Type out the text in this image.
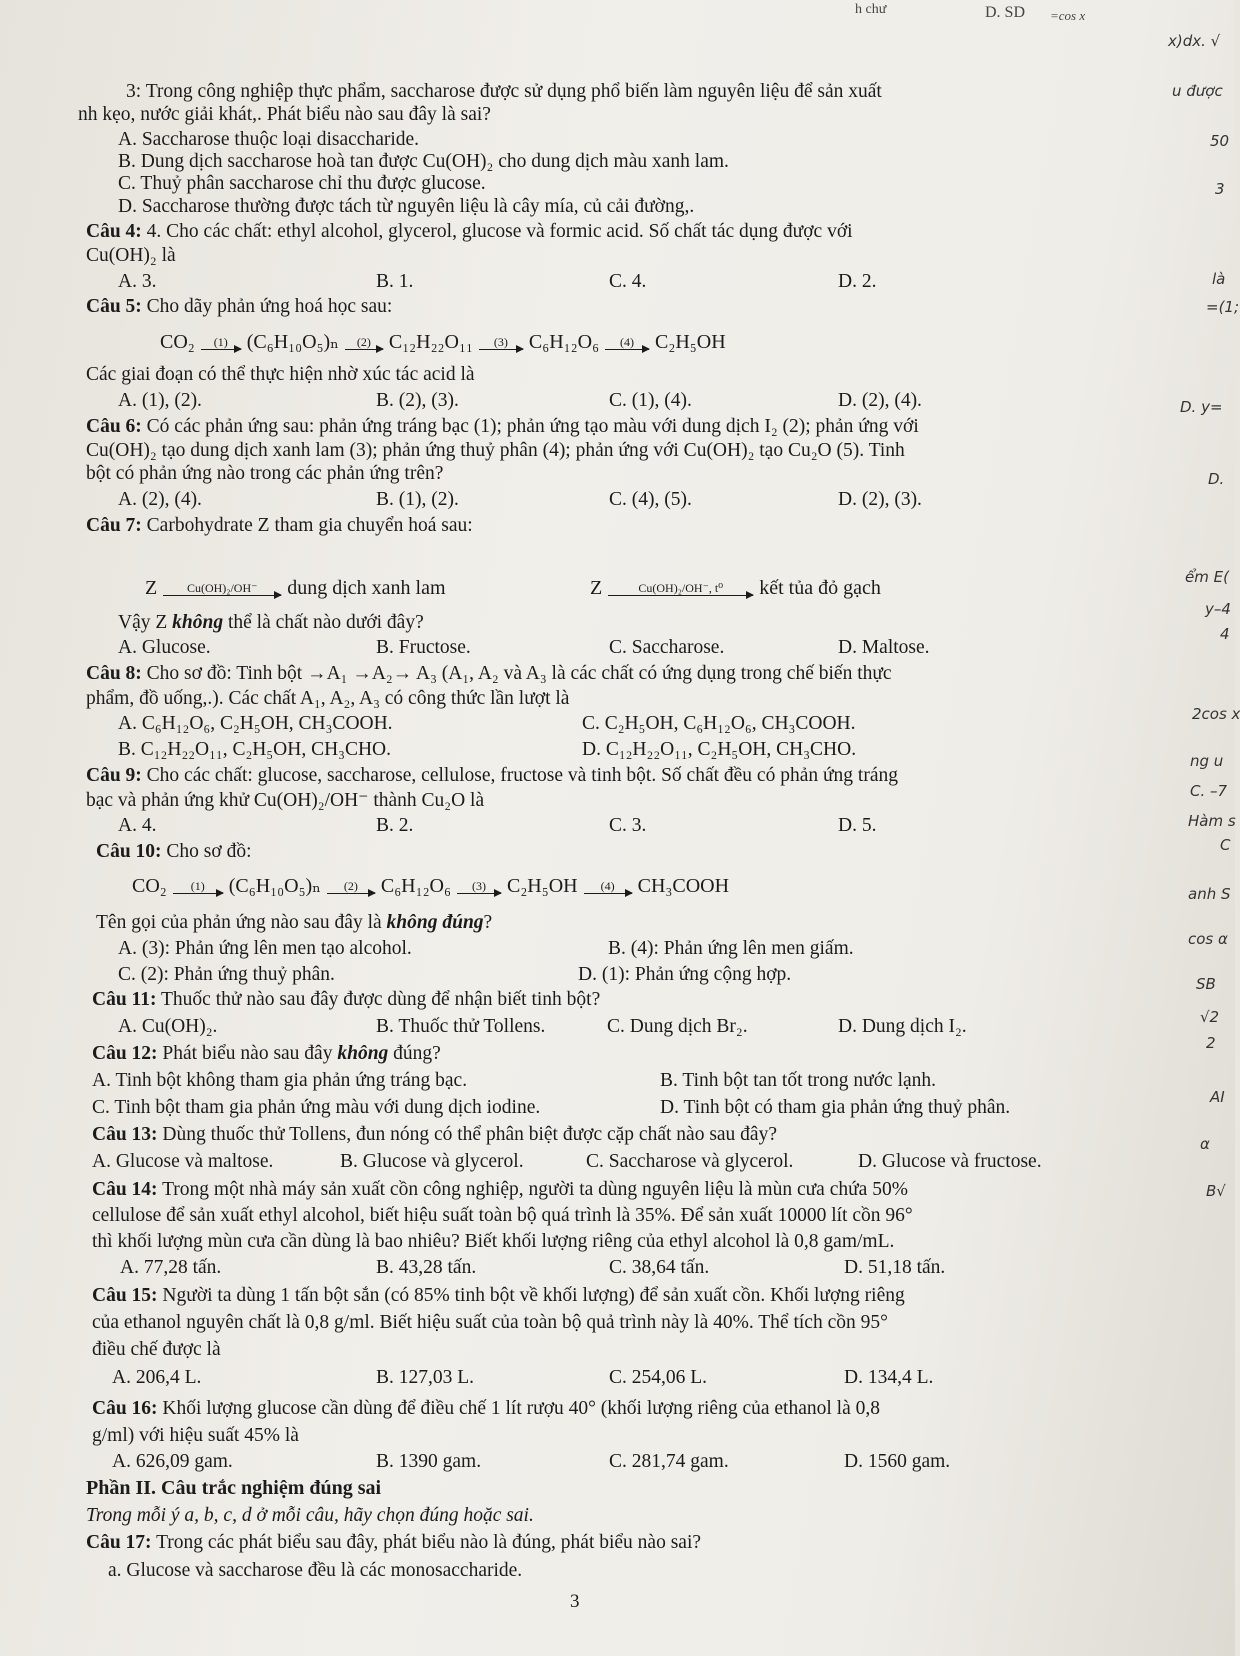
h chư	D. SD =cos x
x)dx. √
u được
50
3
là
=(1;
D. y=
D.
ểm E(
y–4
4
2cos x
ng u
C. –7
Hàm s
C
anh S
cos α
SB
√2
2
ΑΙ
α
B√
3: Trong công nghiệp thực phẩm, saccharose được sử dụng phổ biến làm nguyên liệu để sản xuất
nh kẹo, nước giải khát,. Phát biểu nào sau đây là sai?
A. Saccharose thuộc loại disaccharide.
B. Dung dịch saccharose hoà tan được Cu(OH)₂ cho dung dịch màu xanh lam.
C. Thuỷ phân saccharose chỉ thu được glucose.
D. Saccharose thường được tách từ nguyên liệu là cây mía, củ cải đường,.
Câu 4: 4. Cho các chất: ethyl alcohol, glycerol, glucose và formic acid. Số chất tác dụng được với
Cu(OH)₂ là
A. 3.	B. 1.	C. 4.	D. 2.
Câu 5: Cho dãy phản ứng hoá học sau:
CO₂ (1) (C₆H₁₀O₅)ₙ (2) C₁₂H₂₂O₁₁ (3) C₆H₁₂O₆ (4) C₂H₅OH
Các giai đoạn có thể thực hiện nhờ xúc tác acid là
A. (1), (2).	B. (2), (3).	C. (1), (4).	D. (2), (4).
Câu 6: Có các phản ứng sau: phản ứng tráng bạc (1); phản ứng tạo màu với dung dịch I₂ (2); phản ứng với
Cu(OH)₂ tạo dung dịch xanh lam (3); phản ứng thuỷ phân (4); phản ứng với Cu(OH)₂ tạo Cu₂O (5). Tinh
bột có phản ứng nào trong các phản ứng trên?
A. (2), (4).	B. (1), (2).	C. (4), (5).	D. (2), (3).
Câu 7: Carbohydrate Z tham gia chuyển hoá sau:
Z Cu(OH)₂/OH⁻ dung dịch xanh lam	Z	Cu(OH)₂/OH⁻, t⁰ kết tủa đỏ gạch
Vậy Z không thể là chất nào dưới đây?
A. Glucose.	B. Fructose.	C. Saccharose.	D. Maltose.
Câu 8: Cho sơ đồ: Tinh bột →A₁ →A₂→ A₃ (A₁, A₂ và A₃ là các chất có ứng dụng trong chế biến thực
phẩm, đồ uống,.). Các chất A₁, A₂, A₃ có công thức lần lượt là
A. C₆H₁₂O₆, C₂H₅OH, CH₃COOH.	C. C₂H₅OH, C₆H₁₂O₆, CH₃COOH.
B. C₁₂H₂₂O₁₁, C₂H₅OH, CH₃CHO.	D. C₁₂H₂₂O₁₁, C₂H₅OH, CH₃CHO.
Câu 9: Cho các chất: glucose, saccharose, cellulose, fructose và tinh bột. Số chất đều có phản ứng tráng
bạc và phản ứng khử Cu(OH)₂/OH⁻ thành Cu₂O là
A. 4.	B. 2.	C. 3.	D. 5.
Câu 10: Cho sơ đồ:
CO₂ (1) (C₆H₁₀O₅)ₙ (2) C₆H₁₂O₆ (3) C₂H₅OH (4) CH₃COOH
Tên gọi của phản ứng nào sau đây là không đúng?
A. (3): Phản ứng lên men tạo alcohol.	B. (4): Phản ứng lên men giấm.
C. (2): Phản ứng thuỷ phân.	D. (1): Phản ứng cộng hợp.
Câu 11: Thuốc thử nào sau đây được dùng để nhận biết tinh bột?
A. Cu(OH)₂.	B. Thuốc thử Tollens.	C. Dung dịch Br₂.	D. Dung dịch I₂.
Câu 12: Phát biểu nào sau đây không đúng?
A. Tinh bột không tham gia phản ứng tráng bạc.	B. Tinh bột tan tốt trong nước lạnh.
C. Tinh bột tham gia phản ứng màu với dung dịch iodine.	D. Tinh bột có tham gia phản ứng thuỷ phân.
Câu 13: Dùng thuốc thử Tollens, đun nóng có thể phân biệt được cặp chất nào sau đây?
A. Glucose và maltose.	B. Glucose và glycerol.	C. Saccharose và glycerol.	D. Glucose và fructose.
Câu 14: Trong một nhà máy sản xuất cồn công nghiệp, người ta dùng nguyên liệu là mùn cưa chứa 50%
cellulose để sản xuất ethyl alcohol, biết hiệu suất toàn bộ quá trình là 35%. Để sản xuất 10000 lít cồn 96°
thì khối lượng mùn cưa cần dùng là bao nhiêu? Biết khối lượng riêng của ethyl alcohol là 0,8 gam/mL.
A. 77,28 tấn.	B. 43,28 tấn.	C. 38,64 tấn.	D. 51,18 tấn.
Câu 15: Người ta dùng 1 tấn bột sắn (có 85% tinh bột về khối lượng) để sản xuất cồn. Khối lượng riêng
của ethanol nguyên chất là 0,8 g/ml. Biết hiệu suất của toàn bộ quả trình này là 40%. Thể tích cồn 95°
điều chế được là
A. 206,4 L.	B. 127,03 L.	C. 254,06 L.	D. 134,4 L.
Câu 16: Khối lượng glucose cần dùng để điều chế 1 lít rượu 40° (khối lượng riêng của ethanol là 0,8
g/ml) với hiệu suất 45% là
A. 626,09 gam.	B. 1390 gam.	C. 281,74 gam.	D. 1560 gam.
Phần II. Câu trắc nghiệm đúng sai
Trong mỗi ý a, b, c, d ở mỗi câu, hãy chọn đúng hoặc sai.
Câu 17: Trong các phát biểu sau đây, phát biểu nào là đúng, phát biểu nào sai?
a. Glucose và saccharose đều là các monosaccharide.
3
